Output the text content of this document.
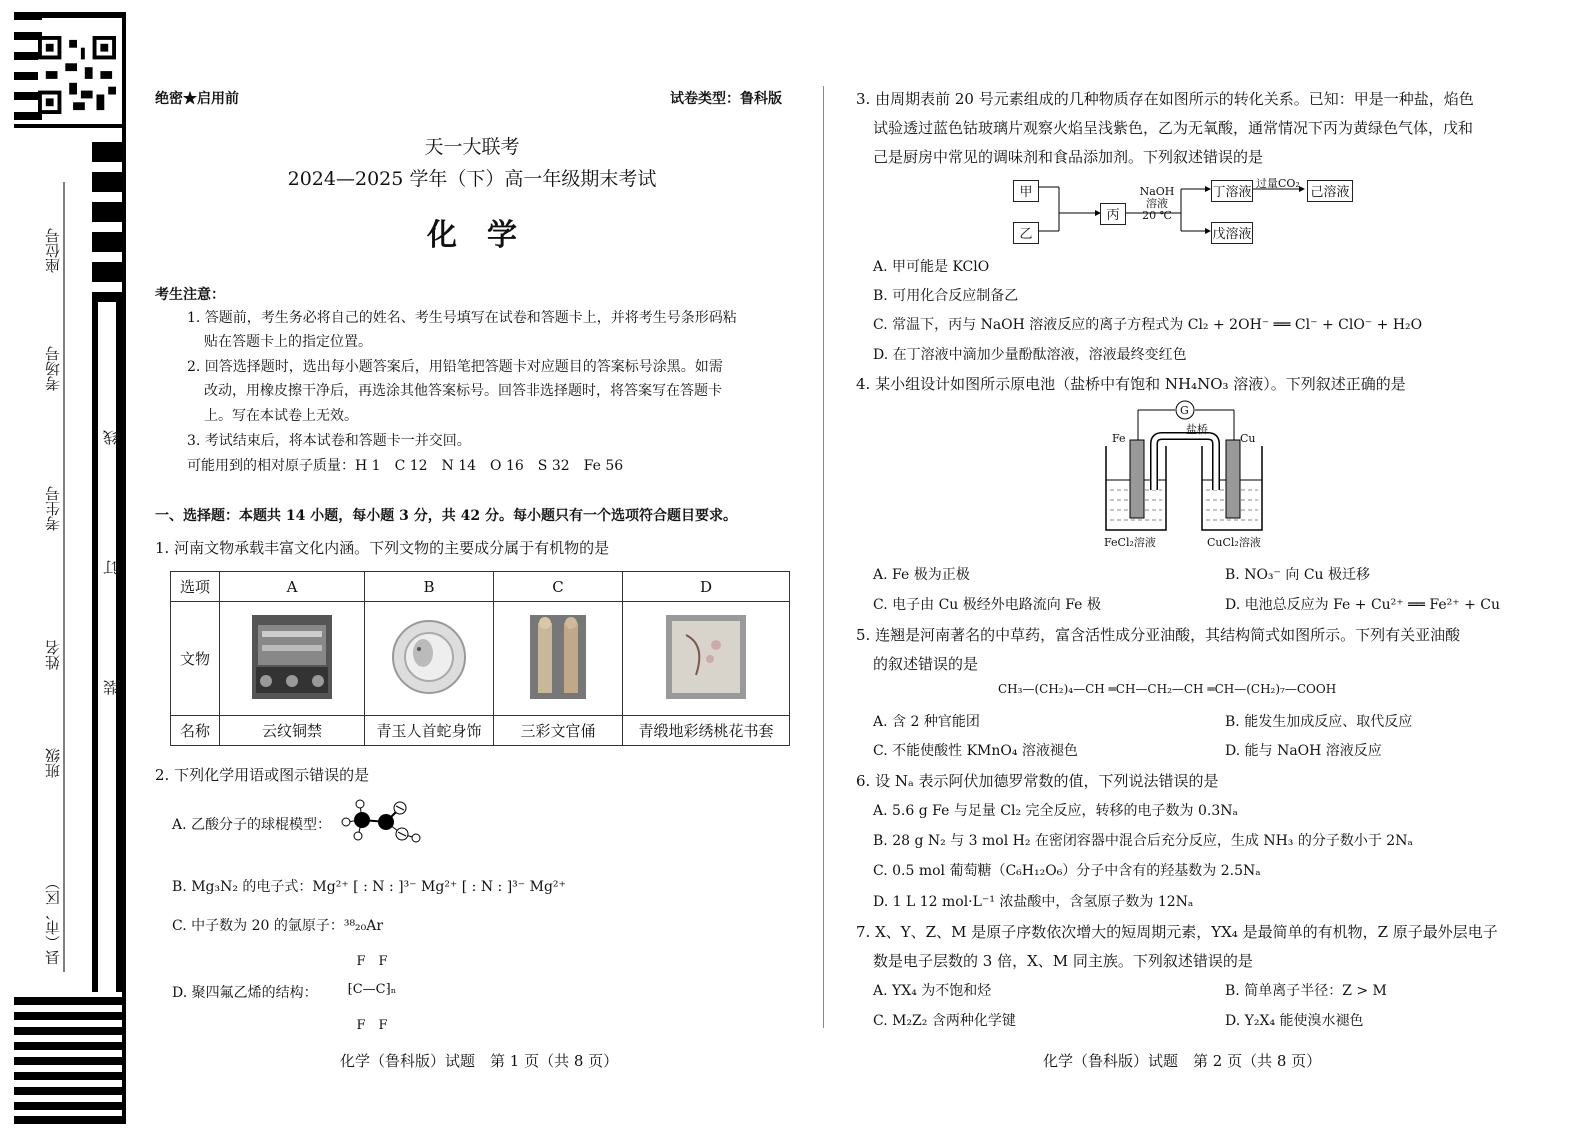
座位号
考场号
考生号
姓名
班级
县（市、区）
线
订
装
绝密★启用前	试卷类型：鲁科版
天一大联考
2024—2025 学年（下）高一年级期末考试
化　学
考生注意：
1. 答题前，考生务必将自己的姓名、考生号填写在试卷和答题卡上，并将考生号条形码粘
贴在答题卡上的指定位置。
2. 回答选择题时，选出每小题答案后，用铅笔把答题卡对应题目的答案标号涂黑。如需
改动，用橡皮擦干净后，再选涂其他答案标号。回答非选择题时，将答案写在答题卡
上。写在本试卷上无效。
3. 考试结束后，将本试卷和答题卡一并交回。
可能用到的相对原子质量：H 1　C 12　N 14　O 16　S 32　Fe 56
一、选择题：本题共 14 小题，每小题 3 分，共 42 分。每小题只有一个选项符合题目要求。
1. 河南文物承载丰富文化内涵。下列文物的主要成分属于有机物的是
选项	A	B	C	D
文物				
名称	云纹铜禁	青玉人首蛇身饰	三彩文官俑	青缎地彩绣桃花书套
2. 下列化学用语或图示错误的是
A. 乙酸分子的球棍模型：
B. Mg₃N₂ 的电子式：Mg²⁺ [ : N : ]³⁻ Mg²⁺ [ : N : ]³⁻ Mg²⁺
C. 中子数为 20 的氩原子：³⁸₂₀Ar
D. 聚四氟乙烯的结构：
F　F
⁅C—C⁆ₙ
F　F
化学（鲁科版）试题　第 1 页（共 8 页）
3. 由周期表前 20 号元素组成的几种物质存在如图所示的转化关系。已知：甲是一种盐，焰色
试验透过蓝色钴玻璃片观察火焰呈浅紫色，乙为无氧酸，通常情况下丙为黄绿色气体，戊和
己是厨房中常见的调味剂和食品添加剂。下列叙述错误的是
甲
乙
丙
NaOH
溶液
20 ℃
丁溶液
戊溶液
过量CO₂
己溶液
A. 甲可能是 KClO
B. 可用化合反应制备乙
C. 常温下，丙与 NaOH 溶液反应的离子方程式为 Cl₂ + 2OH⁻ ══ Cl⁻ + ClO⁻ + H₂O
D. 在丁溶液中滴加少量酚酞溶液，溶液最终变红色
4. 某小组设计如图所示原电池（盐桥中有饱和 NH₄NO₃ 溶液）。下列叙述正确的是
G
Fe	Cu
盐桥
FeCl₂溶液	CuCl₂溶液
A. Fe 极为正极	B. NO₃⁻ 向 Cu 极迁移
C. 电子由 Cu 极经外电路流向 Fe 极	D. 电池总反应为 Fe + Cu²⁺ ══ Fe²⁺ + Cu
5. 连翘是河南著名的中草药，富含活性成分亚油酸，其结构简式如图所示。下列有关亚油酸
的叙述错误的是
CH₃—(CH₂)₄—CH ═CH—CH₂—CH ═CH—(CH₂)₇—COOH
A. 含 2 种官能团	B. 能发生加成反应、取代反应
C. 不能使酸性 KMnO₄ 溶液褪色	D. 能与 NaOH 溶液反应
6. 设 Nₐ 表示阿伏加德罗常数的值，下列说法错误的是
A. 5.6 g Fe 与足量 Cl₂ 完全反应，转移的电子数为 0.3Nₐ
B. 28 g N₂ 与 3 mol H₂ 在密闭容器中混合后充分反应，生成 NH₃ 的分子数小于 2Nₐ
C. 0.5 mol 葡萄糖（C₆H₁₂O₆）分子中含有的羟基数为 2.5Nₐ
D. 1 L 12 mol·L⁻¹ 浓盐酸中，含氢原子数为 12Nₐ
7. X、Y、Z、M 是原子序数依次增大的短周期元素，YX₄ 是最简单的有机物，Z 原子最外层电子
数是电子层数的 3 倍，X、M 同主族。下列叙述错误的是
A. YX₄ 为不饱和烃	B. 简单离子半径：Z > M
C. M₂Z₂ 含两种化学键	D. Y₂X₄ 能使溴水褪色
化学（鲁科版）试题　第 2 页（共 8 页）
